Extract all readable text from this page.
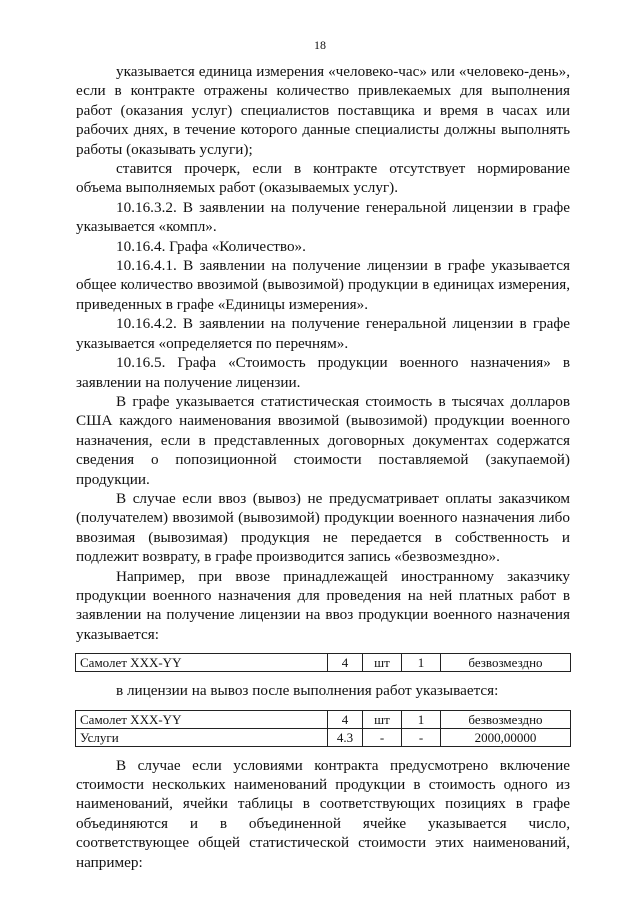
18

указывается единица измерения «человеко-час» или «человеко-день», если в контракте отражены количество привлекаемых для выполнения работ (оказания услуг) специалистов поставщика и время в часах или рабочих днях, в течение которого данные специалисты должны выполнять работы (оказывать услуги);

ставится прочерк, если в контракте отсутствует нормирование объема выполняемых работ (оказываемых услуг).

10.16.3.2. В заявлении на получение генеральной лицензии в графе указывается «компл».

10.16.4. Графа «Количество».

10.16.4.1. В заявлении на получение лицензии в графе указывается общее количество ввозимой (вывозимой) продукции в единицах измерения, приведенных в графе «Единицы измерения».

10.16.4.2. В заявлении на получение генеральной лицензии в графе указывается «определяется по перечням».

10.16.5. Графа «Стоимость продукции военного назначения» в заявлении на получение лицензии.

В графе указывается статистическая стоимость в тысячах долларов США каждого наименования ввозимой (вывозимой) продукции военного назначения, если в представленных договорных документах содержатся сведения о попозиционной стоимости поставляемой (закупаемой) продукции.

В случае если ввоз (вывоз) не предусматривает оплаты заказчиком (получателем) ввозимой (вывозимой) продукции военного назначения либо ввозимая (вывозимая) продукция не передается в собственность и подлежит возврату, в графе производится запись «безвозмездно».

Например, при ввозе принадлежащей иностранному заказчику продукции военного назначения для проведения на ней платных работ в заявлении на получение лицензии на ввоз продукции военного назначения указывается:

Самолет XXX-YY	4	шт	1	безвозмездно

в лицензии на вывоз после выполнения работ указывается:

Самолет XXX-YY	4	шт	1	безвозмездно
Услуги	4.3	-	-	2000,00000

В случае если условиями контракта предусмотрено включение стоимости нескольких наименований продукции в стоимость одного из наименований, ячейки таблицы в соответствующих позициях в графе объединяются и в объединенной ячейке указывается число, соответствующее общей статистической стоимости этих наименований, например:
